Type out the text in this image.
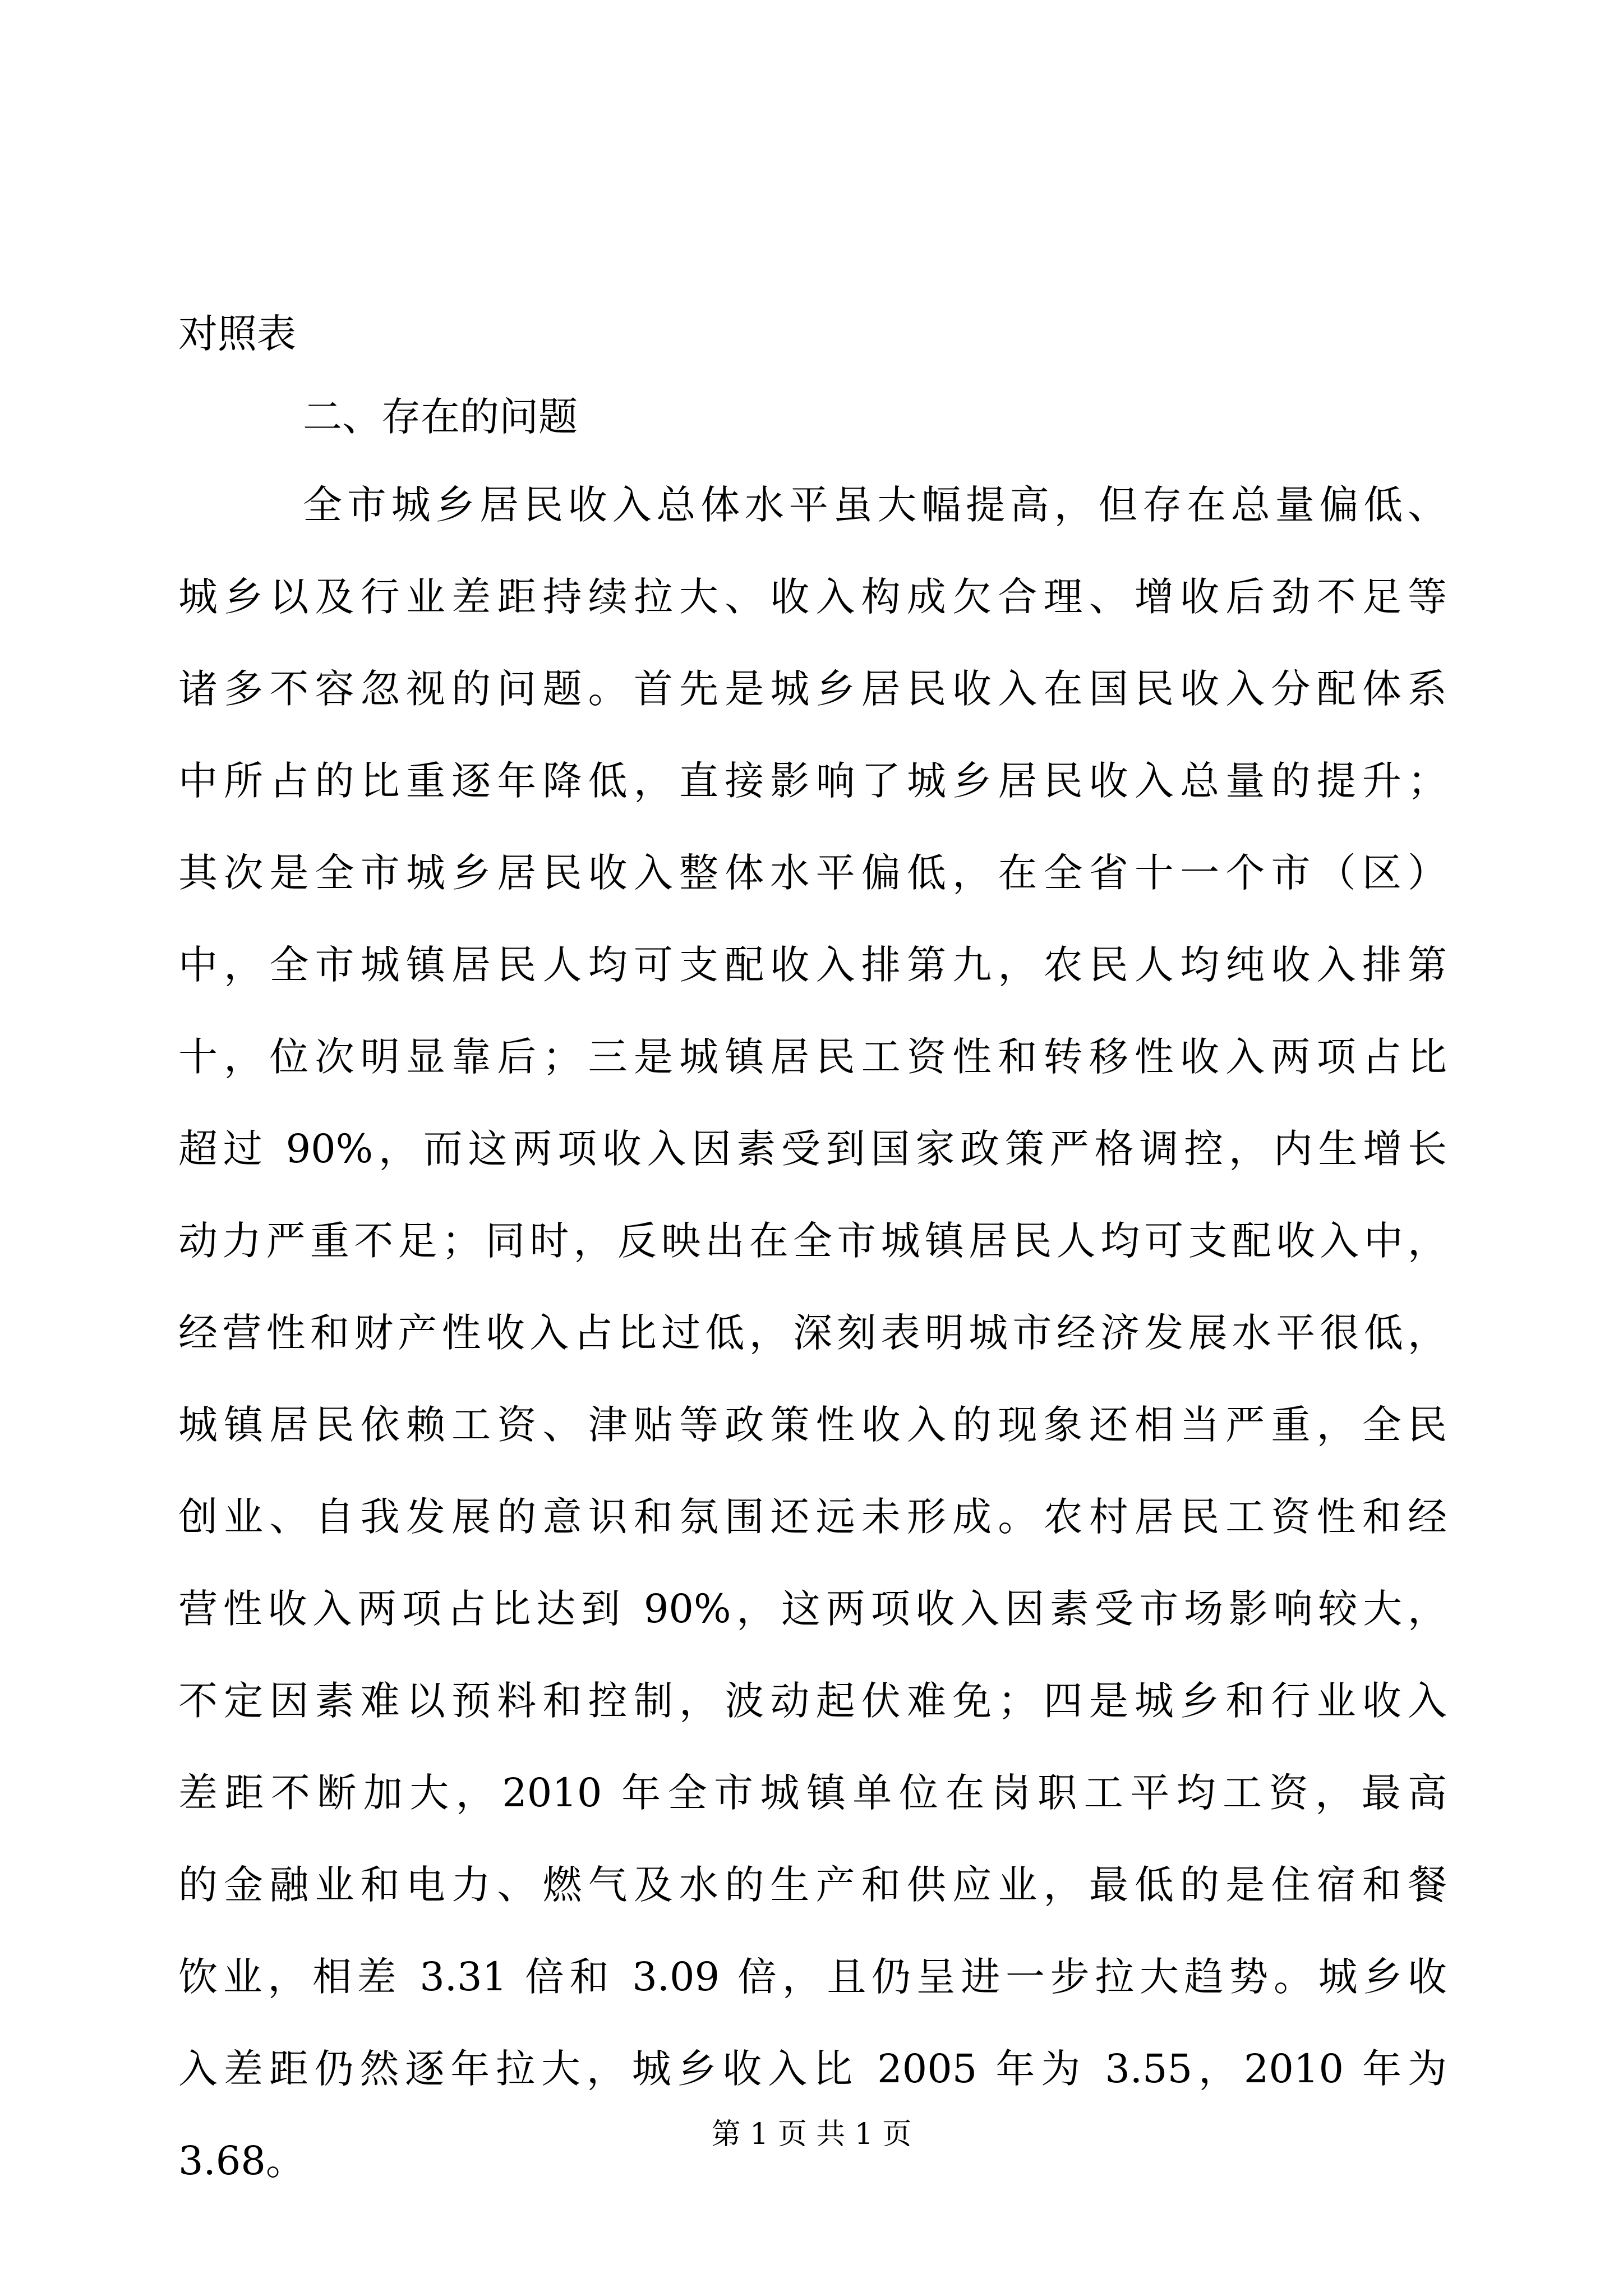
对照表
二、存在的问题
全市城乡居民收入总体水平虽大幅提高，但存在总量偏低、
城乡以及行业差距持续拉大、收入构成欠合理、增收后劲不足等
诸多不容忽视的问题。首先是城乡居民收入在国民收入分配体系
中所占的比重逐年降低，直接影响了城乡居民收入总量的提升；
其次是全市城乡居民收入整体水平偏低，在全省十一个市（区）
中，全市城镇居民人均可支配收入排第九，农民人均纯收入排第
十，位次明显靠后；三是城镇居民工资性和转移性收入两项占比
超过 90%，而这两项收入因素受到国家政策严格调控，内生增长
动力严重不足；同时，反映出在全市城镇居民人均可支配收入中，
经营性和财产性收入占比过低，深刻表明城市经济发展水平很低，
城镇居民依赖工资、津贴等政策性收入的现象还相当严重，全民
创业、自我发展的意识和氛围还远未形成。农村居民工资性和经
营性收入两项占比达到 90%，这两项收入因素受市场影响较大，
不定因素难以预料和控制，波动起伏难免；四是城乡和行业收入
差距不断加大，2010 年全市城镇单位在岗职工平均工资，最高
的金融业和电力、燃气及水的生产和供应业，最低的是住宿和餐
饮业，相差 3.31 倍和 3.09 倍，且仍呈进一步拉大趋势。城乡收
入差距仍然逐年拉大，城乡收入比 2005 年为 3.55，2010 年为
3.68。
第 1 页 共 1 页
